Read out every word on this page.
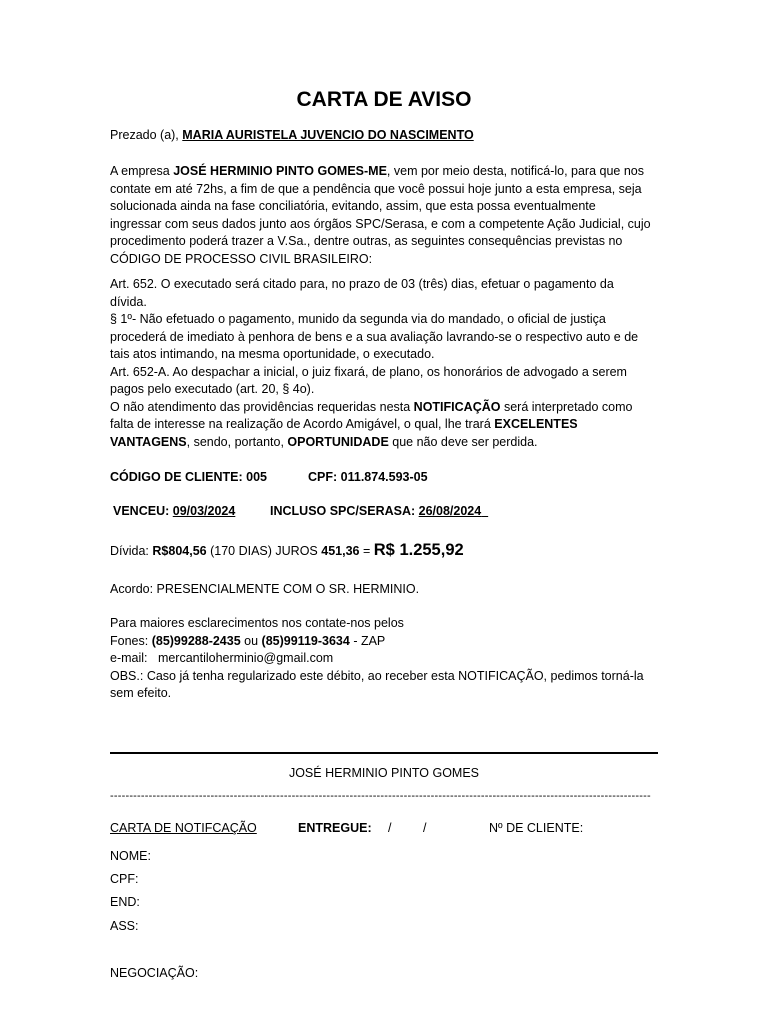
CARTA DE AVISO
Prezado (a), MARIA AURISTELA JUVENCIO DO NASCIMENTO
A empresa JOSÉ HERMINIO PINTO GOMES-ME, vem por meio desta, notificá-lo, para que nos
contate em até 72hs, a fim de que a pendência que você possui hoje junto a esta empresa, seja
solucionada ainda na fase conciliatória, evitando, assim, que esta possa eventualmente
ingressar com seus dados junto aos órgãos SPC/Serasa, e com a competente Ação Judicial, cujo
procedimento poderá trazer a V.Sa., dentre outras, as seguintes consequências previstas no
CÓDIGO DE PROCESSO CIVIL BRASILEIRO:
Art. 652. O executado será citado para, no prazo de 03 (três) dias, efetuar o pagamento da
dívida.
§ 1º- Não efetuado o pagamento, munido da segunda via do mandado, o oficial de justiça
procederá de imediato à penhora de bens e a sua avaliação lavrando-se o respectivo auto e de
tais atos intimando, na mesma oportunidade, o executado.
Art. 652-A. Ao despachar a inicial, o juiz fixará, de plano, os honorários de advogado a serem
pagos pelo executado (art. 20, § 4o).
O não atendimento das providências requeridas nesta NOTIFICAÇÃO será interpretado como
falta de interesse na realização de Acordo Amigável, o qual, lhe trará EXCELENTES
VANTAGENS, sendo, portanto, OPORTUNIDADE que não deve ser perdida.
CÓDIGO DE CLIENTE: 005	CPF: 011.874.593-05
VENCEU: 09/03/2024	INCLUSO SPC/SERASA: 26/08/2024
Dívida: R$804,56 (170 DIAS) JUROS 451,36 = R$ 1.255,92
Acordo: PRESENCIALMENTE COM O SR. HERMINIO.
Para maiores esclarecimentos nos contate-nos pelos
Fones: (85)99288-2435 ou (85)99119-3634 - ZAP
e-mail: mercantiloherminio@gmail.com
OBS.: Caso já tenha regularizado este débito, ao receber esta NOTIFICAÇÃO, pedimos torná-la
sem efeito.
JOSÉ HERMINIO PINTO GOMES
--------------------------------------------------------------------------------------------------------------------------------------------
CARTA DE NOTIFCAÇÃO	ENTREGUE: /	/	Nº DE CLIENTE:
NOME:
CPF:
END:
ASS:
NEGOCIAÇÃO:
